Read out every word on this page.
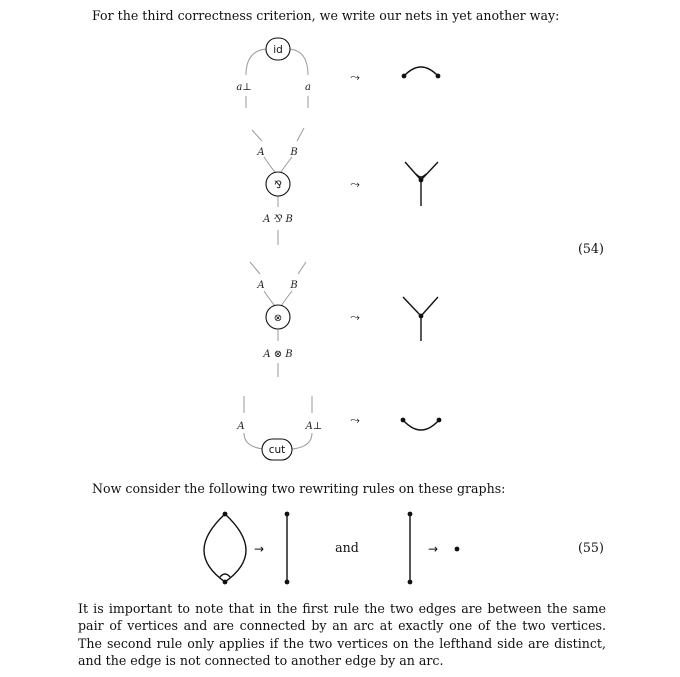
For the third correctness criterion, we write our nets in yet another way:

id
a⊥	a
⤳
A	B
⅋
A ⅋ B
⤳
A	B
⊗
A ⊗ B
⤳
A	A⊥
cut
⤳
→	and	→
(54)

Now consider the following two rewriting rules on these graphs:

(55)

It is important to note that in the first rule the two edges are between the same pair of vertices and are connected by an arc at exactly one of the two vertices. The second rule only applies if the two vertices on the lefthand side are distinct, and the edge is not connected to another edge by an arc.
